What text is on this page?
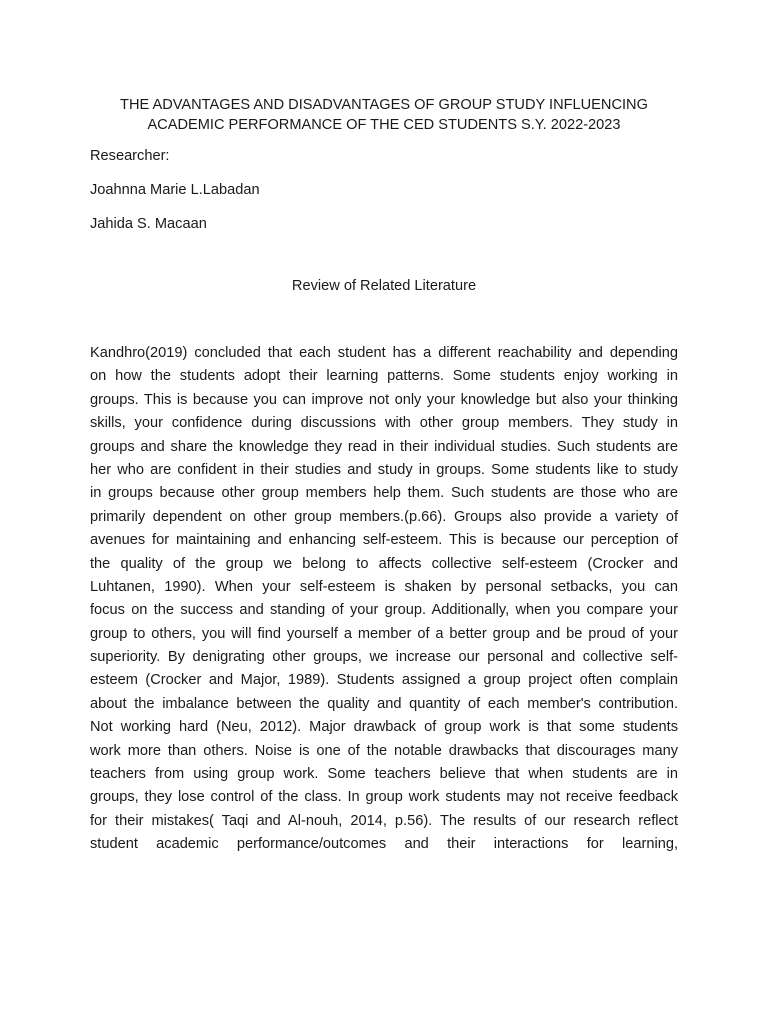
THE ADVANTAGES AND DISADVANTAGES OF GROUP STUDY INFLUENCING
ACADEMIC PERFORMANCE OF THE CED STUDENTS S.Y. 2022-2023

Researcher:

Joahnna Marie L.Labadan

Jahida S. Macaan

Review of Related Literature
Kandhro(2019) concluded that each student has a different reachability and depending
on how the students adopt their learning patterns. Some students enjoy working in
groups. This is because you can improve not only your knowledge but also your thinking
skills, your confidence during discussions with other group members. They study in
groups and share the knowledge they read in their individual studies. Such students are
her who are confident in their studies and study in groups. Some students like to study
in groups because other group members help them. Such students are those who are
primarily dependent on other group members.(p.66). Groups also provide a variety of
avenues for maintaining and enhancing self-esteem. This is because our perception of
the quality of the group we belong to affects collective self-esteem (Crocker and
Luhtanen, 1990). When your self-esteem is shaken by personal setbacks, you can
focus on the success and standing of your group. Additionally, when you compare your
group to others, you will find yourself a member of a better group and be proud of your
superiority. By denigrating other groups, we increase our personal and collective self-
esteem (Crocker and Major, 1989). Students assigned a group project often complain
about the imbalance between the quality and quantity of each member's contribution.
Not working hard (Neu, 2012). Major drawback of group work is that some students
work more than others. Noise is one of the notable drawbacks that discourages many
teachers from using group work. Some teachers believe that when students are in
groups, they lose control of the class. In group work students may not receive feedback
for their mistakes( Taqi and Al-nouh, 2014, p.56). The results of our research reflect
student academic performance/outcomes and their interactions for learning,
